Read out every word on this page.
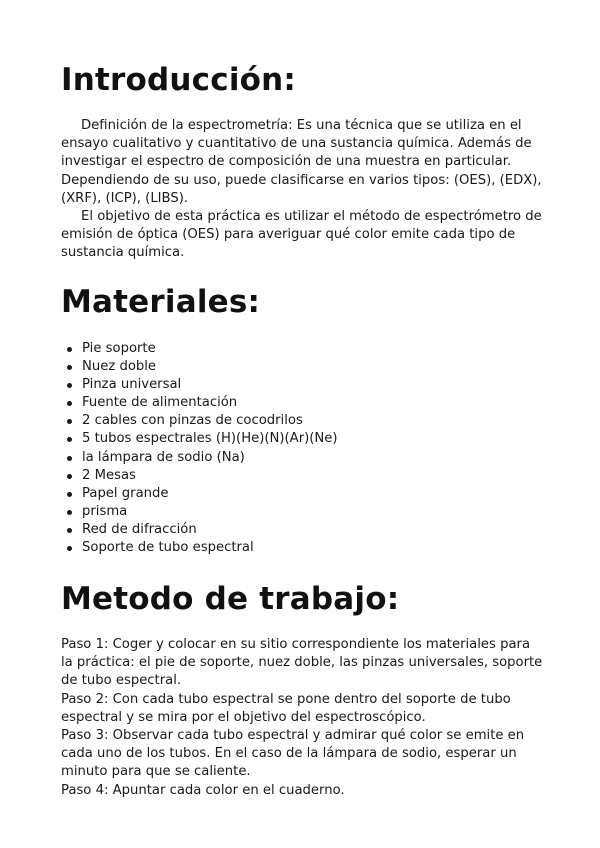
Introducción:

Definición de la espectrometría: Es una técnica que se utiliza en el ensayo cualitativo y cuantitativo de una sustancia química. Además de investigar el espectro de composición de una muestra en particular. Dependiendo de su uso, puede clasificarse en varios tipos: (OES), (EDX), (XRF), (ICP), (LIBS).

El objetivo de esta práctica es utilizar el método de espectrómetro de emisión de óptica (OES) para averiguar qué color emite cada tipo de sustancia química.

Materiales:
Pie soporte
Nuez doble
Pinza universal
Fuente de alimentación
2 cables con pinzas de cocodrilos
5 tubos espectrales (H)(He)(N)(Ar)(Ne)
la lámpara de sodio (Na)
2 Mesas
Papel grande
prisma
Red de difracción
Soporte de tubo espectral
Metodo de trabajo:

Paso 1: Coger y colocar en su sitio correspondiente los materiales para la práctica: el pie de soporte, nuez doble, las pinzas universales, soporte de tubo espectral.

Paso 2: Con cada tubo espectral se pone dentro del soporte de tubo espectral y se mira por el objetivo del espectroscópico.

Paso 3: Observar cada tubo espectral y admirar qué color se emite en cada uno de los tubos. En el caso de la lámpara de sodio, esperar un minuto para que se caliente.

Paso 4: Apuntar cada color en el cuaderno.
